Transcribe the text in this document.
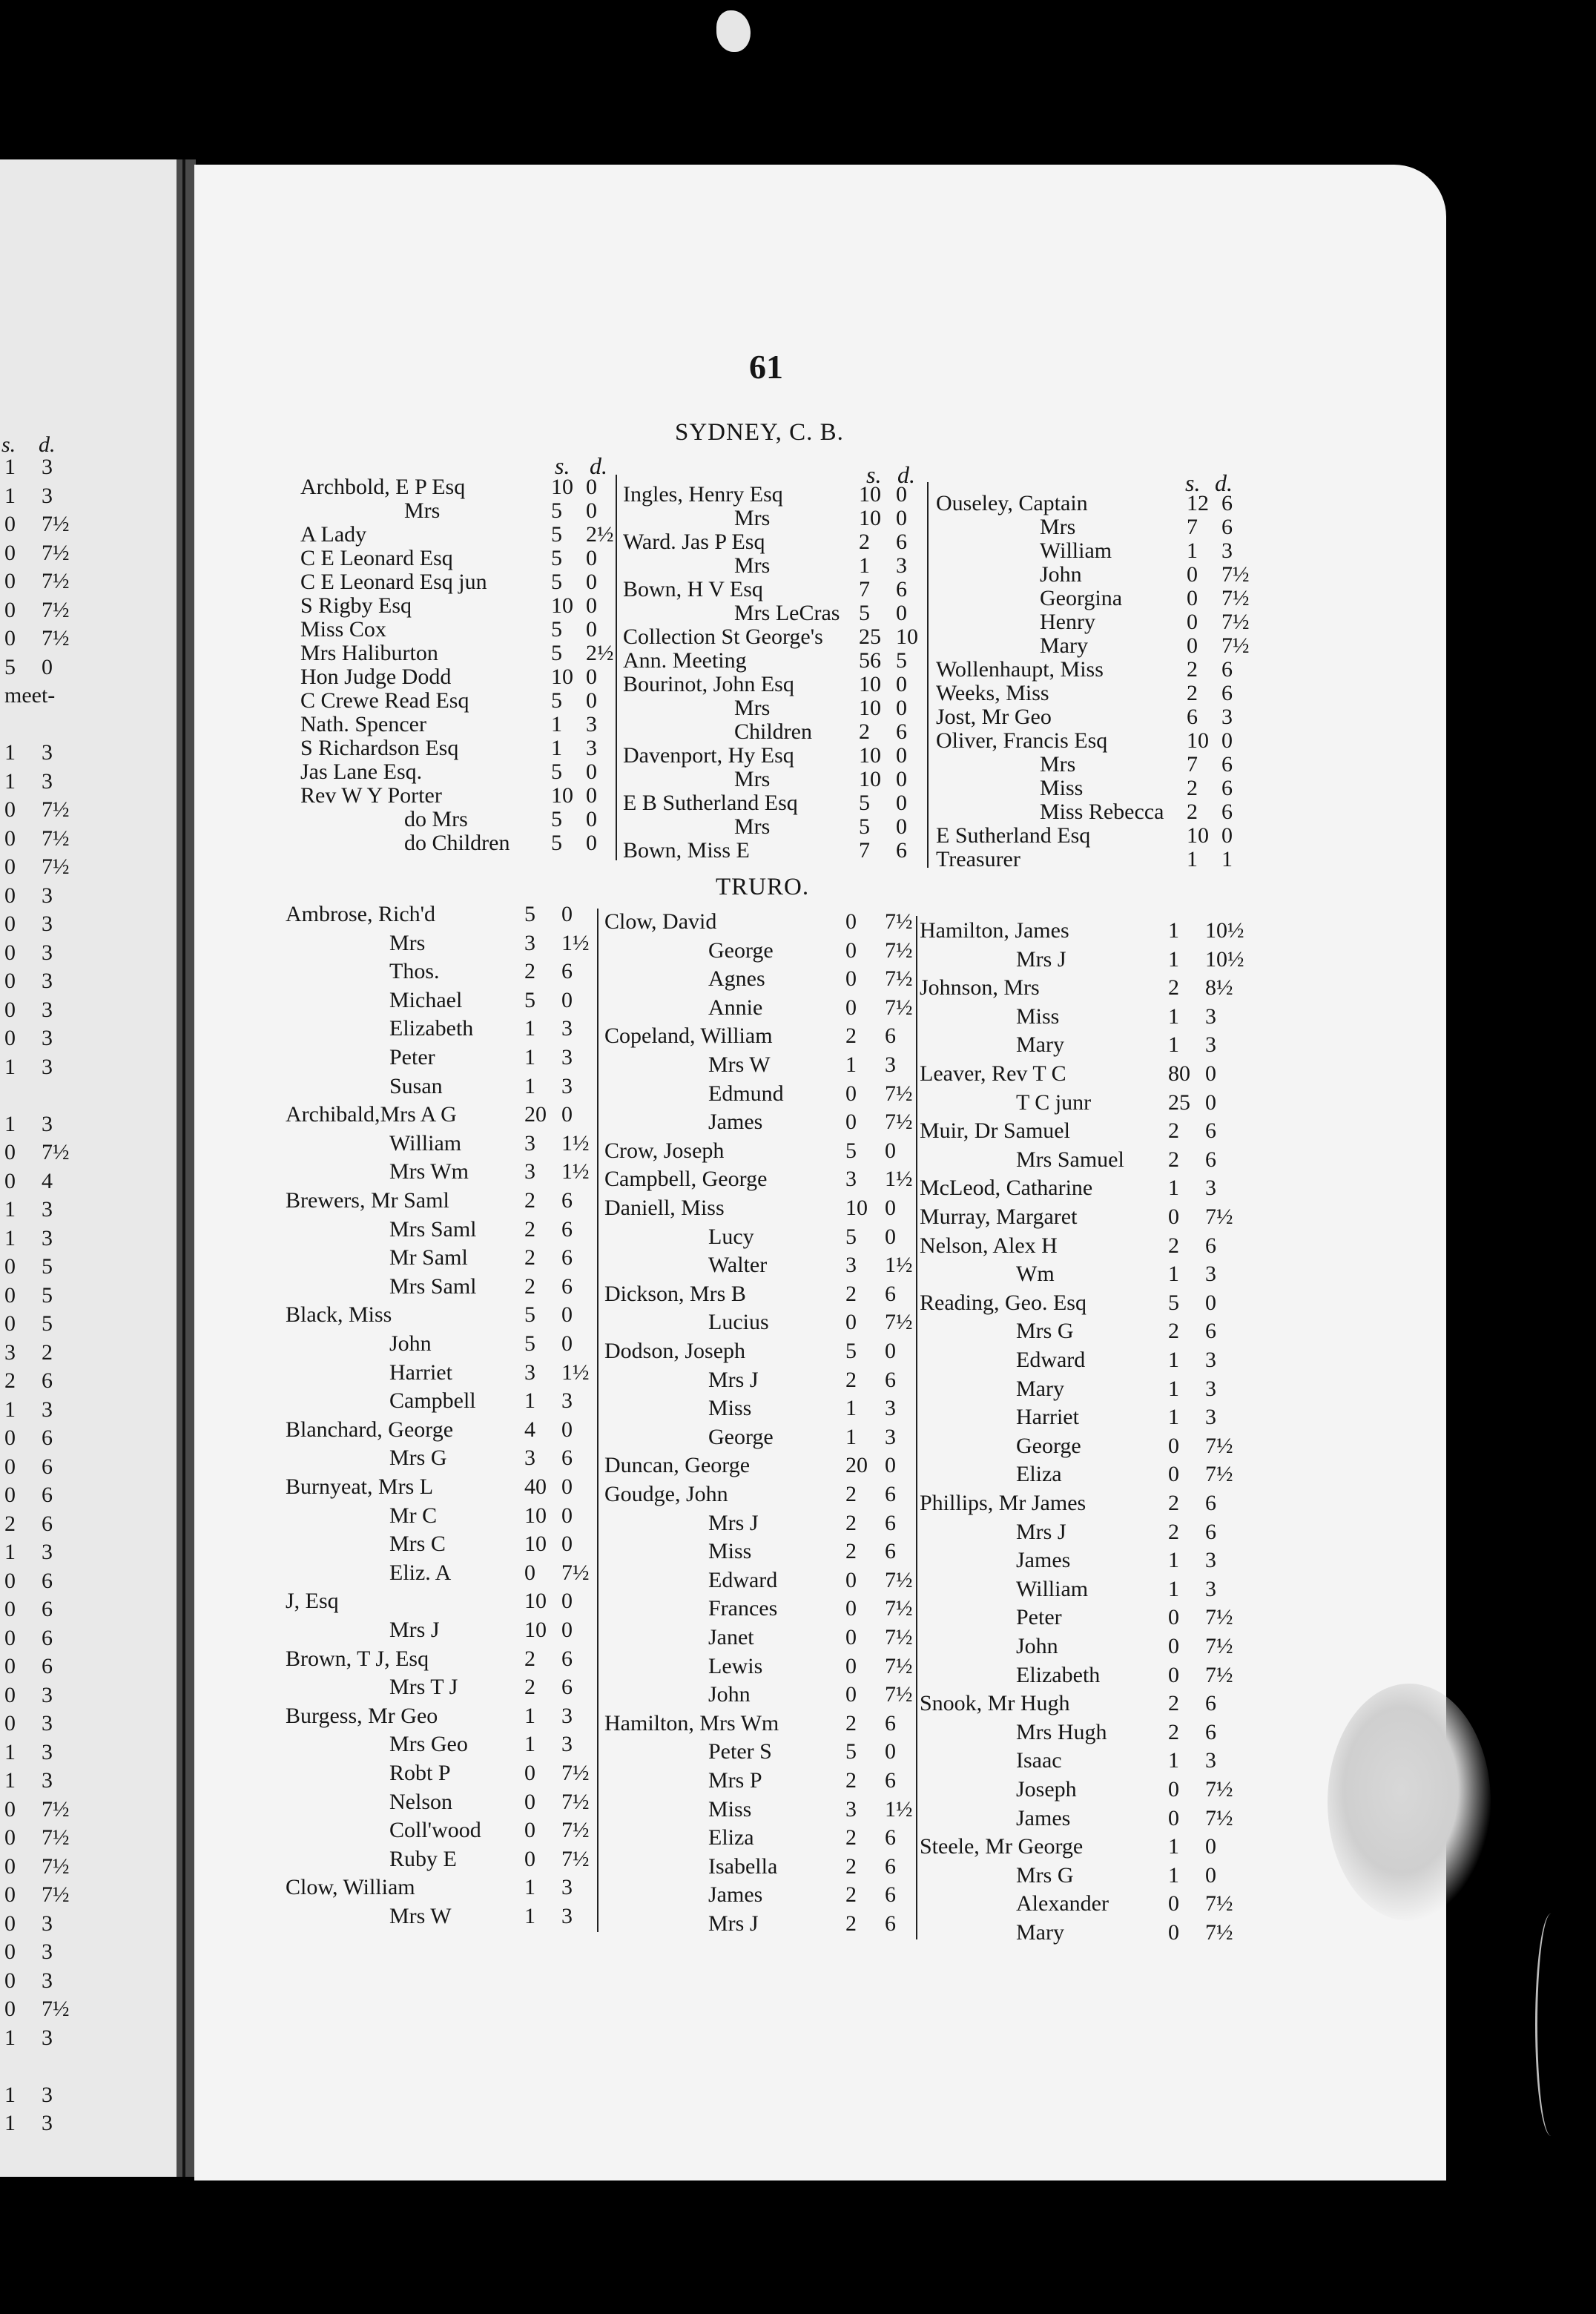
s. d.
1 3
1 3
0 7½
0 7½
0 7½
0 7½
0 7½
5 0
meet-
1 3
1 3
0 7½
0 7½
0 7½
0 3
0 3
0 3
0 3
0 3
0 3
1 3
1 3
0 7½
0 4
1 3
1 3
0 5
0 5
0 5
3 2
2 6
1 3
0 6
0 6
0 6
2 6
1 3
0 6
0 6
0 6
0 6
0 3
0 3
1 3
1 3
0 7½
0 7½
0 7½
0 7½
0 3
0 3
0 3
0 7½
1 3
1 3
1 3
61
SYDNEY, C. B.
TRURO.
s. d.	s. d.	s. d.
Archbold, E P Esq	10 0
Mrs	5 0
A Lady	5 2½
C E Leonard Esq	5 0
C E Leonard Esq jun	5 0
S Rigby Esq	10 0
Miss Cox	5 0
Mrs Haliburton	5 2½
Hon Judge Dodd	10 0
C Crewe Read Esq	5 0
Nath. Spencer	1 3
S Richardson Esq	1 3
Jas Lane Esq.	5 0
Rev W Y Porter	10 0
do Mrs	5 0
do Children 5 0
Ingles, Henry Esq	10 0
Mrs	10 0
Ward. Jas P Esq	2 6
Mrs	1 3
Bown, H V Esq	7 6
Mrs LeCras 5 0
Collection St George's 25 10
Ann. Meeting	56 5
Bourinot, John Esq	10 0
Mrs	10 0
Children 2 6
Davenport, Hy Esq	10 0
Mrs	10 0
E B Sutherland Esq	5 0
Mrs	5 0
Bown, Miss E	7 6
Ouseley, Captain	12 6
Mrs	7 6
William	1 3
John	0 7½
Georgina	0 7½
Henry	0 7½
Mary	0 7½
Wollenhaupt, Miss	2 6
Weeks, Miss	2 6
Jost, Mr Geo	6 3
Oliver, Francis Esq	10 0
Mrs	7 6
Miss	2 6
Miss Rebecca 2 6
E Sutherland Esq	10 0
Treasurer	1 1
Ambrose, Rich'd	5 0
Mrs	3 1½
Thos.	2 6
Michael	5 0
Elizabeth 1 3
Peter	1 3
Susan	1 3
Archibald,Mrs A G	20 0
William	3 1½
Mrs Wm	3 1½
Brewers, Mr Saml	2 6
Mrs Saml 2 6
Mr Saml	2 6
Mrs Saml 2 6
Black, Miss	5 0
John	5 0
Harriet	3 1½
Campbell 1 3
Blanchard, George	4 0
Mrs G	3 6
Burnyeat, Mrs L	40 0
Mr C	10 0
Mrs C	10 0
Eliz. A	0 7½
J, Esq	10 0
Mrs J	10 0
Brown, T J, Esq	2 6
Mrs T J	2 6
Burgess, Mr Geo	1 3
Mrs Geo	1 3
Robt P	0 7½
Nelson	0 7½
Coll'wood 0 7½
Ruby E	0 7½
Clow, William	1 3
Mrs W	1 3
Clow, David	0 7½
George	0 7½
Agnes	0 7½
Annie	0 7½
Copeland, William	2 6
Mrs W	1 3
Edmund	0 7½
James	0 7½
Crow, Joseph	5 0
Campbell, George	3 1½
Daniell, Miss	10 0
Lucy	5 0
Walter	3 1½
Dickson, Mrs B	2 6
Lucius	0 7½
Dodson, Joseph	5 0
Mrs J	2 6
Miss	1 3
George	1 3
Duncan, George	20 0
Goudge, John	2 6
Mrs J	2 6
Miss	2 6
Edward	0 7½
Frances	0 7½
Janet	0 7½
Lewis	0 7½
John	0 7½
Hamilton, Mrs Wm	2 6
Peter S	5 0
Mrs P	2 6
Miss	3 1½
Eliza	2 6
Isabella	2 6
James	2 6
Mrs J	2 6
Hamilton, James	1 10½
Mrs J	1 10½
Johnson, Mrs	2 8½
Miss	1 3
Mary	1 3
Leaver, Rev T C	80 0
T C junr	25 0
Muir, Dr Samuel	2 6
Mrs Samuel 2 6
McLeod, Catharine	1 3
Murray, Margaret	0 7½
Nelson, Alex H	2 6
Wm	1 3
Reading, Geo. Esq	5 0
Mrs G	2 6
Edward	1 3
Mary	1 3
Harriet	1 3
George	0 7½
Eliza	0 7½
Phillips, Mr James	2 6
Mrs J	2 6
James	1 3
William	1 3
Peter	0 7½
John	0 7½
Elizabeth	0 7½
Snook, Mr Hugh	2 6
Mrs Hugh	2 6
Isaac	1 3
Joseph	0 7½
James	0 7½
Steele, Mr George	1 0
Mrs G	1 0
Alexander	0 7½
Mary	0 7½
